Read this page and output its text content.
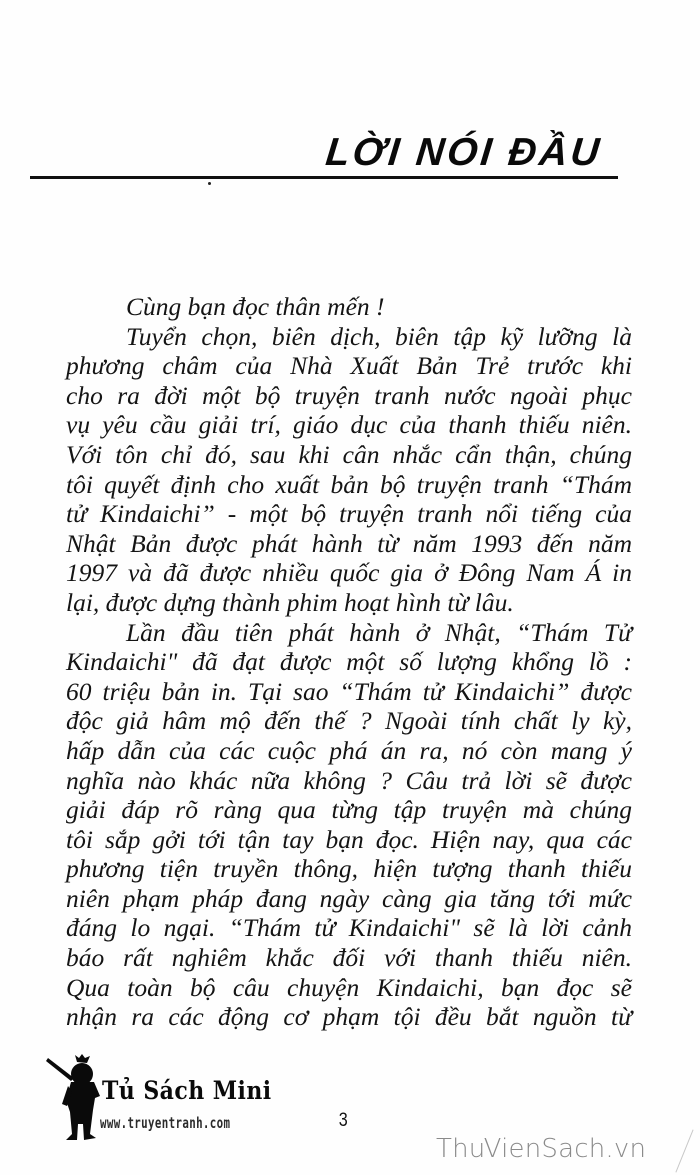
LỜI NÓI ĐẦU
Cùng bạn đọc thân mến !
Tuyển chọn, biên dịch, biên tập kỹ lưỡng là
phương châm của Nhà Xuất Bản Trẻ trước khi
cho ra đời một bộ truyện tranh nước ngoài phục
vụ yêu cầu giải trí, giáo dục của thanh thiếu niên.
Với tôn chỉ đó, sau khi cân nhắc cẩn thận, chúng
tôi quyết định cho xuất bản bộ truyện tranh “Thám
tử Kindaichi” - một bộ truyện tranh nổi tiếng của
Nhật Bản được phát hành từ năm 1993 đến năm
1997 và đã được nhiều quốc gia ở Đông Nam Á in
lại, được dựng thành phim hoạt hình từ lâu.
Lần đầu tiên phát hành ở Nhật, “Thám Tử
Kindaichi" đã đạt được một số lượng khổng lồ :
60 triệu bản in. Tại sao “Thám tử Kindaichi” được
độc giả hâm mộ đến thế ? Ngoài tính chất ly kỳ,
hấp dẫn của các cuộc phá án ra, nó còn mang ý
nghĩa nào khác nữa không ? Câu trả lời sẽ được
giải đáp rõ ràng qua từng tập truyện mà chúng
tôi sắp gởi tới tận tay bạn đọc. Hiện nay, qua các
phương tiện truyền thông, hiện tượng thanh thiếu
niên phạm pháp đang ngày càng gia tăng tới mức
đáng lo ngại. “Thám tử Kindaichi" sẽ là lời cảnh
báo rất nghiêm khắc đối với thanh thiếu niên.
Qua toàn bộ câu chuyện Kindaichi, bạn đọc sẽ
nhận ra các động cơ phạm tội đều bắt nguồn từ
Tủ Sách Mini
www.truyentranh.com	3
ThuVienSach.vn
